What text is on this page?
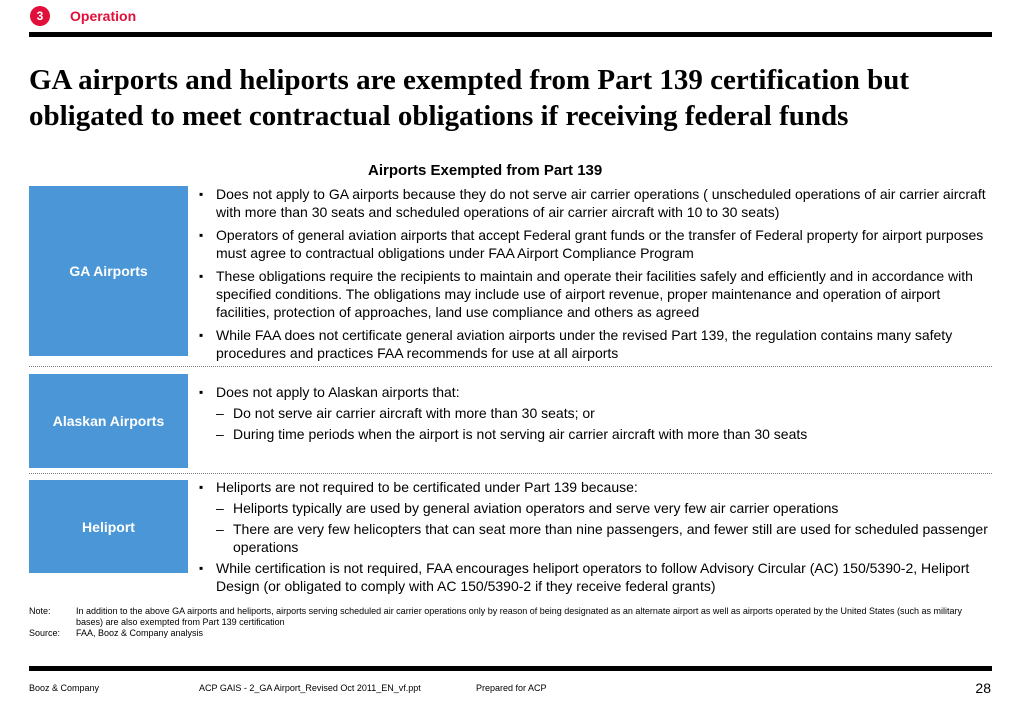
3	Operation
GA airports and heliports are exempted from Part 139 certification but obligated to meet contractual obligations if receiving federal funds
Airports Exempted from Part 139
GA Airports
▪ Does not apply to GA airports because they do not serve air carrier operations ( unscheduled operations of air carrier aircraft with more than 30 seats and scheduled operations of air carrier aircraft with 10 to 30 seats)
▪ Operators of general aviation airports that accept Federal grant funds or the transfer of Federal property for airport purposes must agree to contractual obligations under FAA Airport Compliance Program
▪ These obligations require the recipients to maintain and operate their facilities safely and efficiently and in accordance with specified conditions. The obligations may include use of airport revenue, proper maintenance and operation of airport facilities, protection of approaches, land use compliance and others as agreed
▪ While FAA does not certificate general aviation airports under the revised Part 139, the regulation contains many safety procedures and practices FAA recommends for use at all airports
Alaskan Airports
▪ Does not apply to Alaskan airports that:
– Do not serve air carrier aircraft with more than 30 seats; or
– During time periods when the airport is not serving air carrier aircraft with more than 30 seats
Heliport
▪ Heliports are not required to be certificated under Part 139 because:
– Heliports typically are used by general aviation operators and serve very few air carrier operations
– There are very few helicopters that can seat more than nine passengers, and fewer still are used for scheduled passenger operations
▪ While certification is not required, FAA encourages heliport operators to follow Advisory Circular (AC) 150/5390-2, Heliport Design (or obligated to comply with AC 150/5390-2 if they receive federal grants)
Note:	In addition to the above GA airports and heliports, airports serving scheduled air carrier operations only by reason of being designated as an alternate airport as well as airports operated by the United States (such as military bases) are also exempted from Part 139 certification
Source:	FAA, Booz & Company analysis
Booz & Company	ACP GAIS - 2_GA Airport_Revised Oct 2011_EN_vf.ppt	Prepared for ACP	28
